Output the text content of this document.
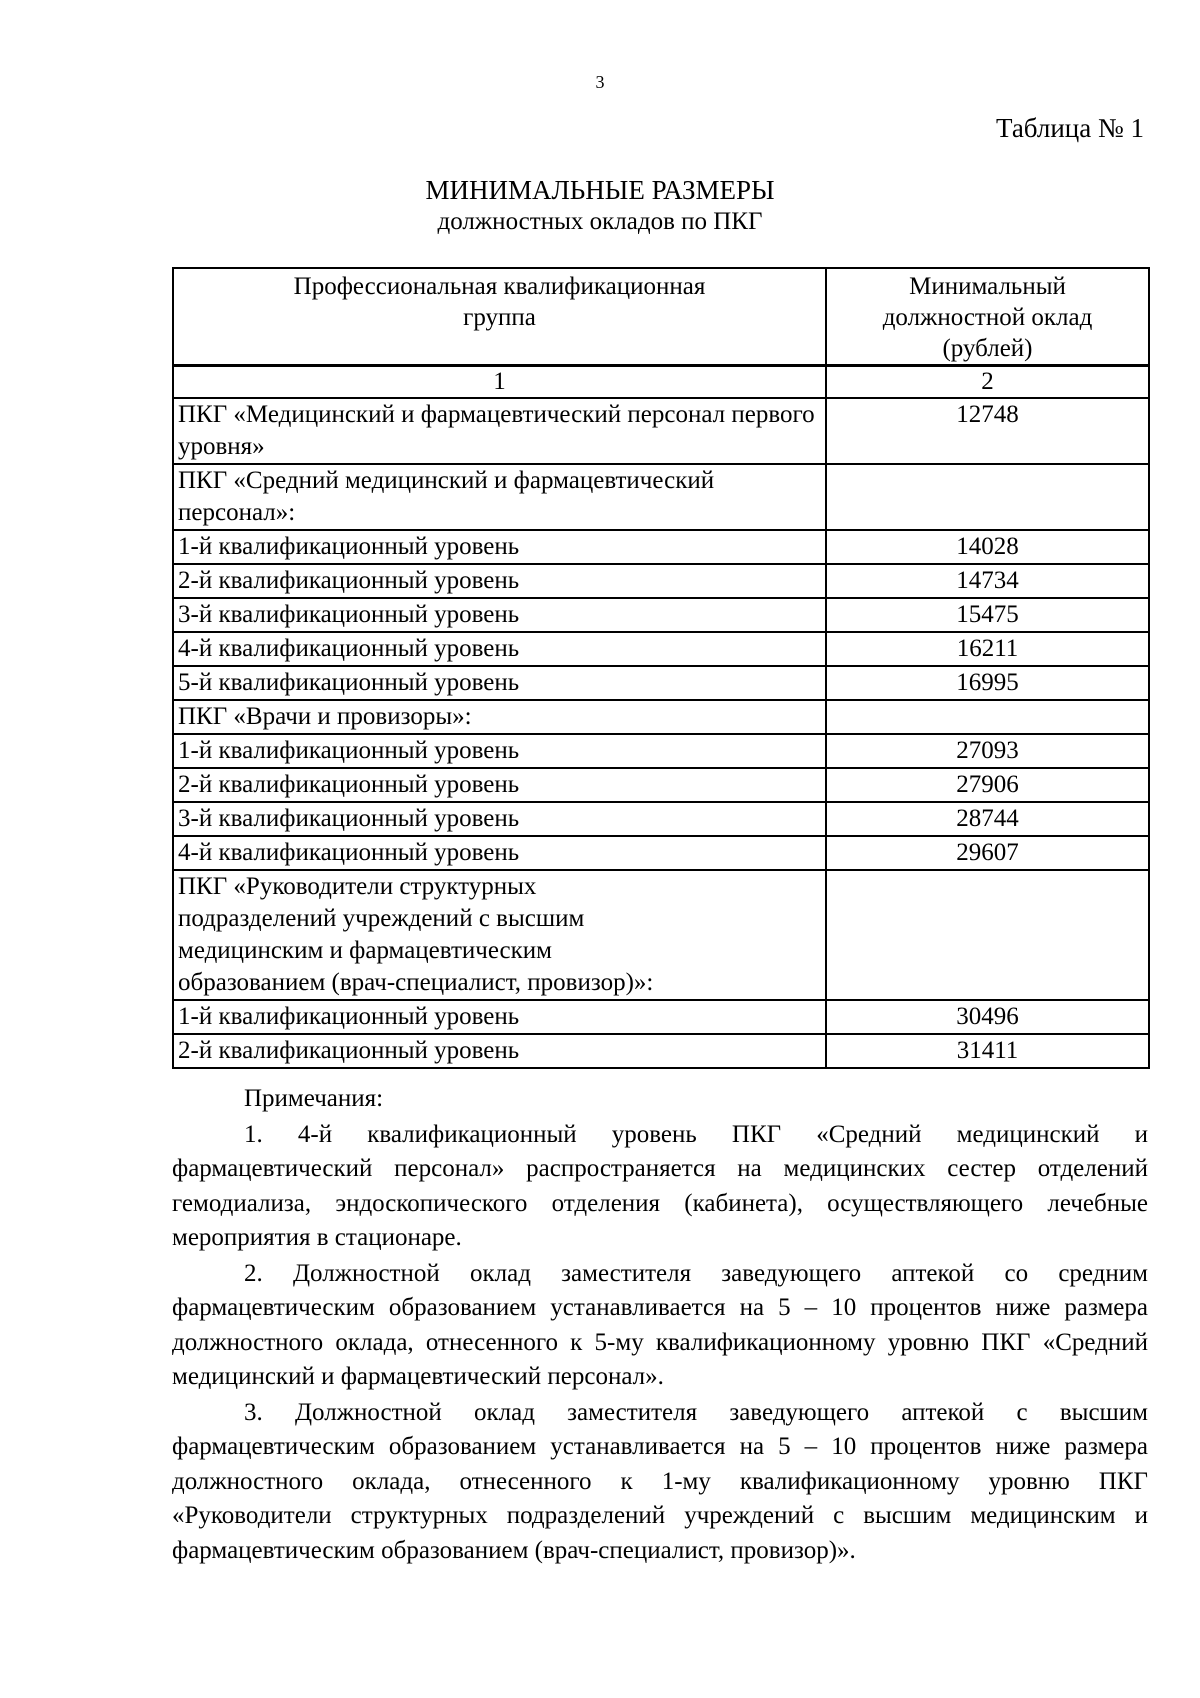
3
Таблица № 1
МИНИМАЛЬНЫЕ РАЗМЕРЫ
должностных окладов по ПКГ
Профессиональная квалификационная группа	Минимальный должностной оклад (рублей)
1	2
ПКГ «Медицинский и фармацевтический персонал первого уровня»	12748
ПКГ «Средний медицинский и фармацевтический персонал»:	
1-й квалификационный уровень	14028
2-й квалификационный уровень	14734
3-й квалификационный уровень	15475
4-й квалификационный уровень	16211
5-й квалификационный уровень	16995
ПКГ «Врачи и провизоры»:	
1-й квалификационный уровень	27093
2-й квалификационный уровень	27906
3-й квалификационный уровень	28744
4-й квалификационный уровень	29607
ПКГ «Руководители структурных подразделений учреждений с высшим медицинским и фармацевтическим образованием (врач-специалист, провизор)»:	
1-й квалификационный уровень	30496
2-й квалификационный уровень	31411

Примечания:

1. 4-й квалификационный уровень ПКГ «Средний медицинский и фармацевтический персонал» распространяется на медицинских сестер отделений гемодиализа, эндоскопического отделения (кабинета), осуществляющего лечебные мероприятия в стационаре.

2. Должностной оклад заместителя заведующего аптекой со средним фармацевтическим образованием устанавливается на 5 – 10 процентов ниже размера должностного оклада, отнесенного к 5-му квалификационному уровню ПКГ «Средний медицинский и фармацевтический персонал».

3. Должностной оклад заместителя заведующего аптекой с высшим фармацевтическим образованием устанавливается на 5 – 10 процентов ниже размера должностного оклада, отнесенного к 1-му квалификационному уровню ПКГ «Руководители структурных подразделений учреждений с высшим медицинским и фармацевтическим образованием (врач-специалист, провизор)».
